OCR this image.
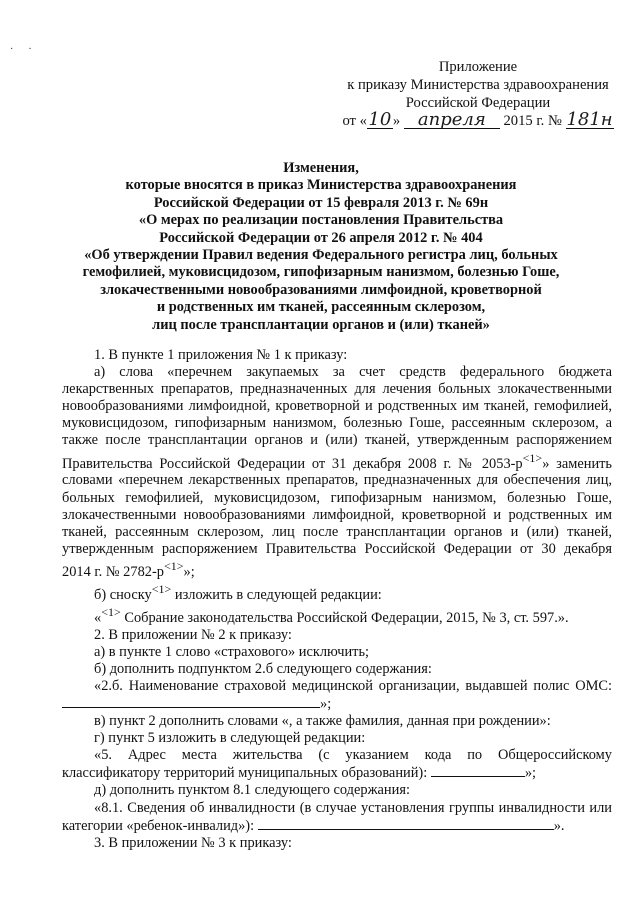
·      ·
Приложение
к приказу Министерства здравоохранения
Российской Федерации
от «10 » апреля 2015 г. № 181н
Изменения,
которые вносятся в приказ Министерства здравоохранения
Российской Федерации от 15 февраля 2013 г. № 69н
«О мерах по реализации постановления Правительства
Российской Федерации от 26 апреля 2012 г. № 404
«Об утверждении Правил ведения Федерального регистра лиц, больных
гемофилией, муковисцидозом, гипофизарным нанизмом, болезнью Гоше,
злокачественными новообразованиями лимфоидной, кроветворной
и родственных им тканей, рассеянным склерозом,
лиц после трансплантации органов и (или) тканей»

1. В пункте 1 приложения № 1 к приказу:

а) слова «перечнем закупаемых за счет средств федерального бюджета лекарственных препаратов, предназначенных для лечения больных злокачественными новообразованиями лимфоидной, кроветворной и родственных им тканей, гемофилией, муковисцидозом, гипофизарным нанизмом, болезнью Гоше, рассеянным склерозом, а также после трансплантации органов и (или) тканей, утвержденным распоряжением Правительства Российской Федерации от 31 декабря 2008 г. № $2053-р^{<1>}$» заменить словами «перечнем лекарственных препаратов, предназначенных для обеспечения лиц, больных гемофилией, муковисцидозом, гипофизарным нанизмом, болезнью Гоше, злокачественными новообразованиями лимфоидной, кроветворной и родственных им тканей, рассеянным склерозом, лиц после трансплантации органов и (или) тканей, утвержденным распоряжением Правительства Российской Федерации от 30 декабря 2014 г. № $2782-р^{<1>}$»;

б) сноску$^{<1>}$ изложить в следующей редакции:

«$^{<1>}$ Собрание законодательства Российской Федерации, 2015, № 3, ст. 597.».

2. В приложении № 2 к приказу:

а) в пункте 1 слово «страхового» исключить;

б) дополнить подпунктом 2.б следующего содержания:

«2.б. Наименование страховой медицинской организации, выдавшей полис ОМС: »;

в) пункт 2 дополнить словами «, а также фамилия, данная при рождении»:

г) пункт 5 изложить в следующей редакции:

«5. Адрес места жительства (с указанием кода по Общероссийскому классификатору территорий муниципальных образований):	»;

д) дополнить пунктом 8.1 следующего содержания:

«8.1. Сведения об инвалидности (в случае установления группы инвалидности или категории «ребенок-инвалид»):	».

3. В приложении № 3 к приказу:
